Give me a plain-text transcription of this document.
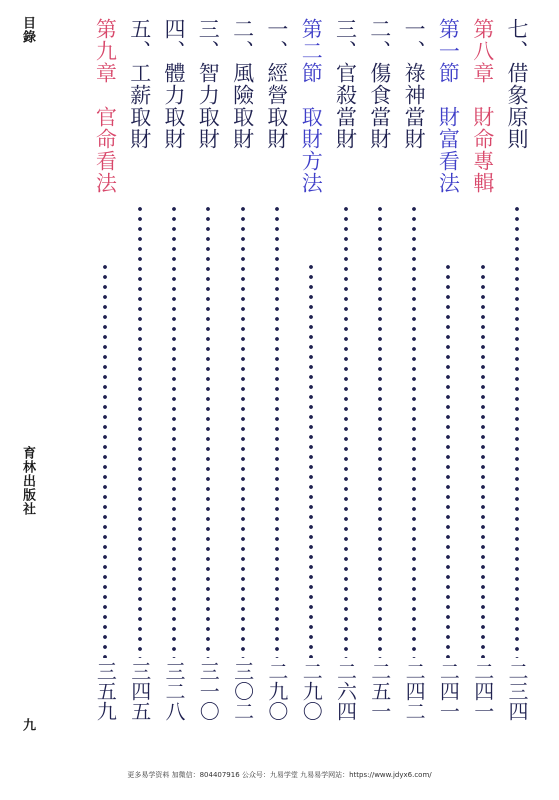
目錄
育林出版社
九
七、借象原則
二三四
第八章　財命專輯
二四一
第一節　財富看法
二四一
一、祿神當財
二四二
二、傷食當財
二五一
三、官殺當財
二六四
第二節　取財方法
二九〇
一、經營取財
二九〇
二、風險取財
三〇二
三、智力取財
三一〇
四、體力取財
三二八
五、工薪取財
三四五
第九章　官命看法
三五九
更多易学资料 加微信：804407916 公众号：九易学堂 九易易学网站：https://www.jdyx6.com/
